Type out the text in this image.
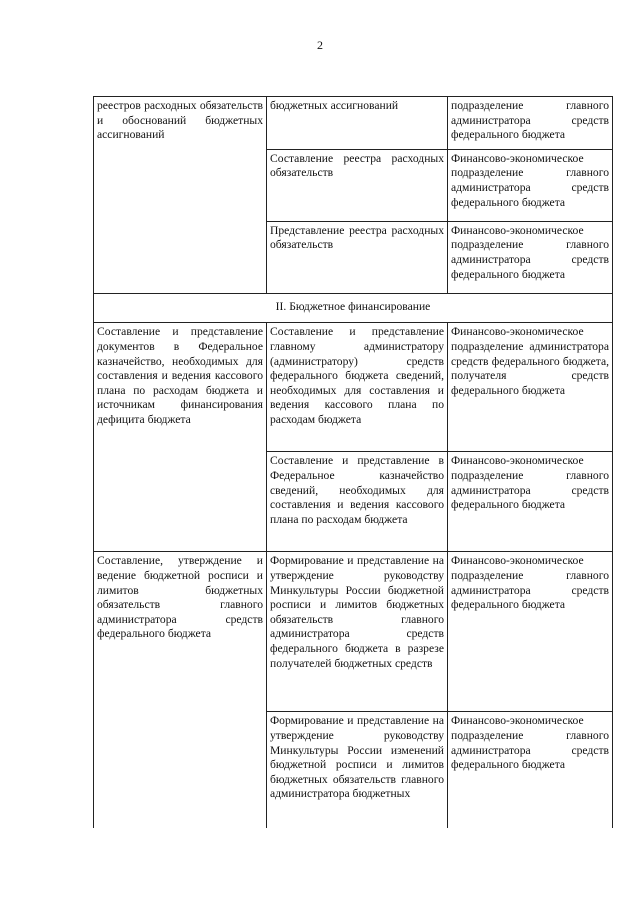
2
реестров расходных обязательств и обоснований бюджетных ассигнований	бюджетных ассигнований	подразделение главного администратора средств федерального бюджета
	Составление реестра расходных обязательств	Финансово-экономическое подразделение главного администратора средств федерального бюджета
	Представление реестра расходных обязательств	Финансово-экономическое подразделение главного администратора средств федерального бюджета
II. Бюджетное финансирование		
Составление и представление документов в Федеральное казначейство, необходимых для составления и ведения кассового плана по расходам бюджета и источникам финансирования дефицита бюджета	Составление и представление главному администратору (администратору) средств федерального бюджета сведений, необходимых для составления и ведения кассового плана по расходам бюджета	Финансово-экономическое подразделение администратора средств федерального бюджета, получателя средств федерального бюджета
	Составление и представление в Федеральное казначейство сведений, необходимых для составления и ведения кассового плана по расходам бюджета	Финансово-экономическое подразделение главного администратора средств федерального бюджета
Составление, утверждение и ведение бюджетной росписи и лимитов бюджетных обязательств главного администратора средств федерального бюджета	Формирование и представление на утверждение руководству Минкультуры России бюджетной росписи и лимитов бюджетных обязательств главного администратора средств федерального бюджета в разрезе получателей бюджетных средств	Финансово-экономическое подразделение главного администратора средств федерального бюджета
	Формирование и представление на утверждение руководству Минкультуры России изменений бюджетной росписи и лимитов бюджетных обязательств главного администратора бюджетных	Финансово-экономическое подразделение главного администратора средств федерального бюджета
